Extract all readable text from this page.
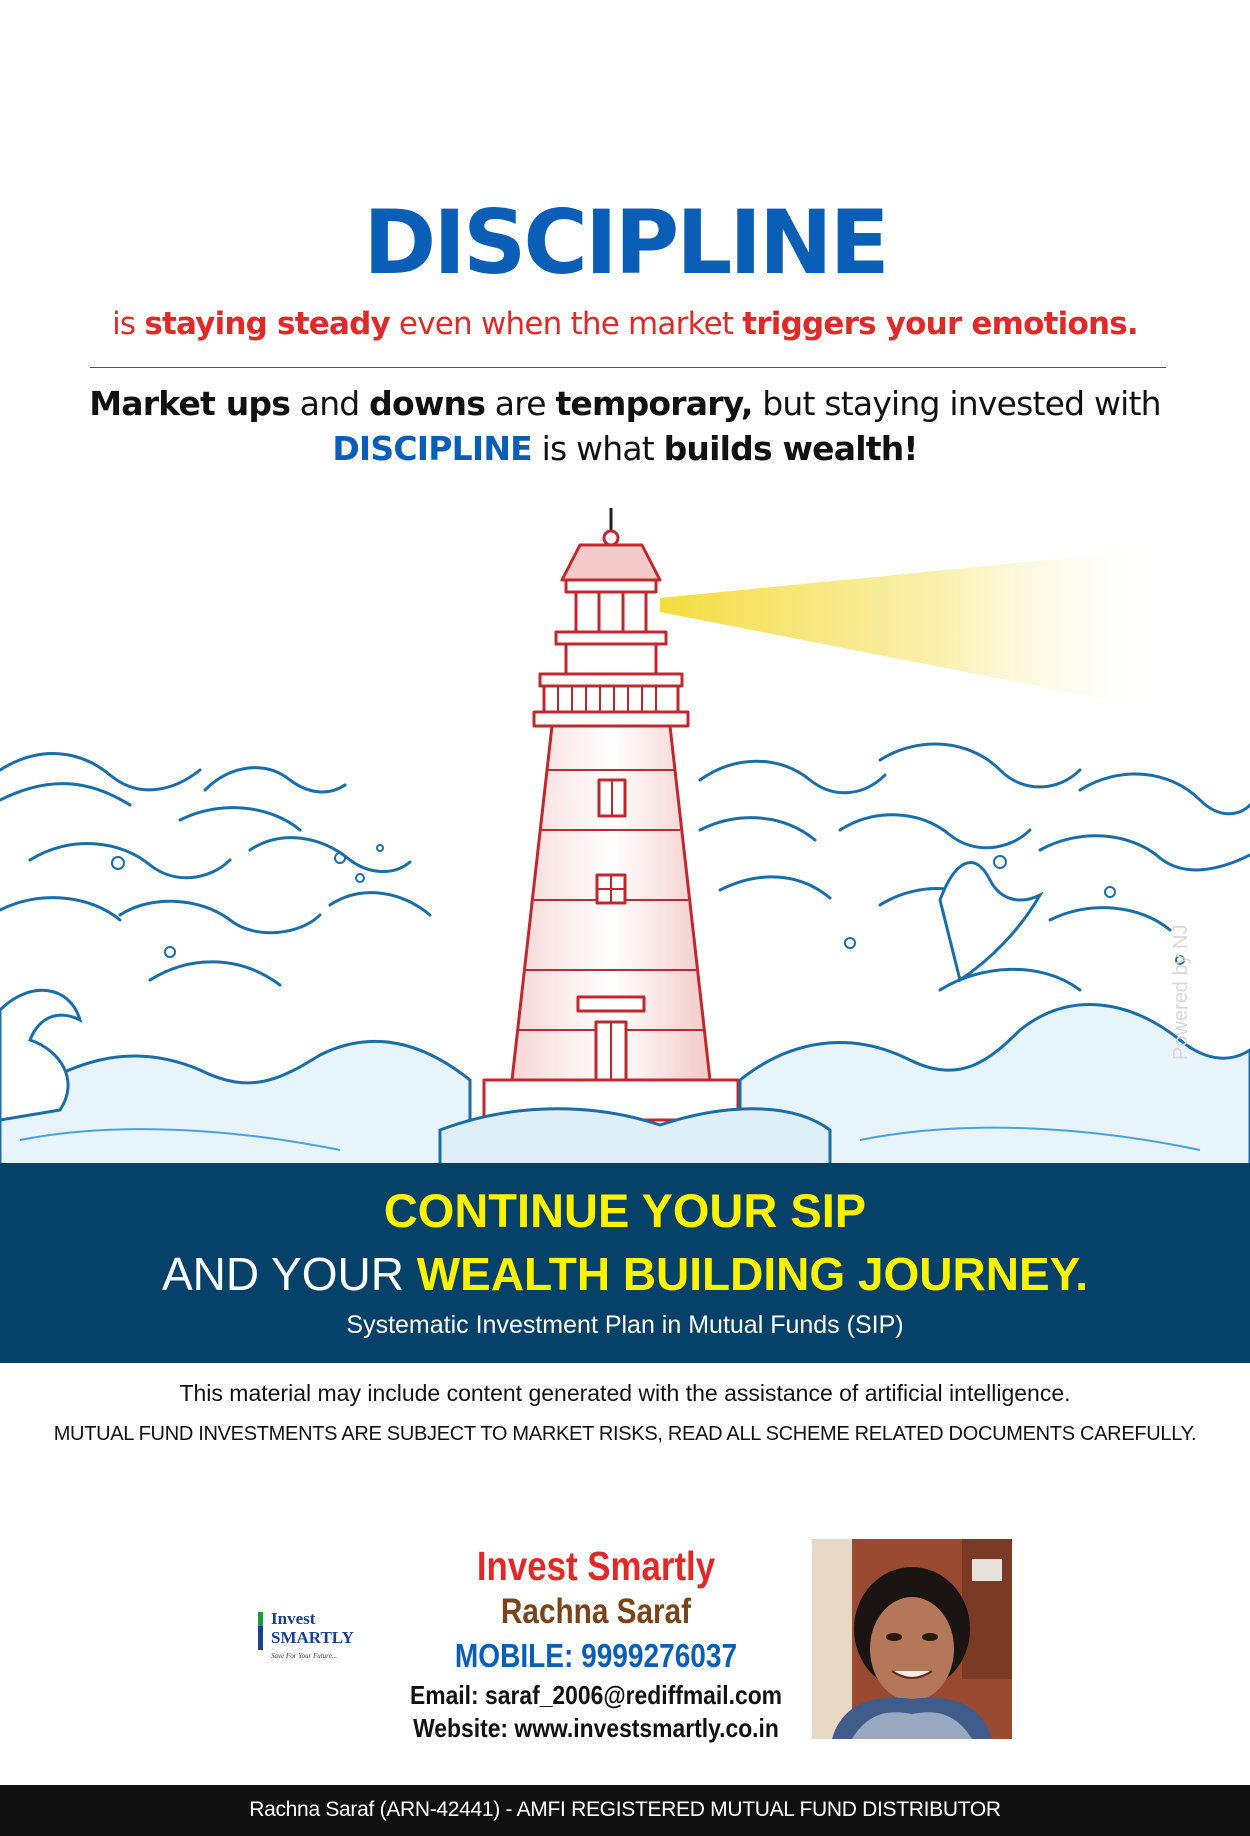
DISCIPLINE
is staying steady even when the market triggers your emotions.
Market ups and downs are temporary, but staying invested with
DISCIPLINE is what builds wealth!
Powered by NJ
CONTINUE YOUR SIP
AND YOUR WEALTH BUILDING JOURNEY.
Systematic Investment Plan in Mutual Funds (SIP)
This material may include content generated with the assistance of artificial intelligence.
MUTUAL FUND INVESTMENTS ARE SUBJECT TO MARKET RISKS, READ ALL SCHEME RELATED DOCUMENTS CAREFULLY.
Invest
SMARTLY
Save For Your Future...
Invest Smartly
Rachna Saraf
MOBILE: 9999276037
Email: saraf_2006@rediffmail.com
Website: www.investsmartly.co.in
Rachna Saraf (ARN-42441) - AMFI REGISTERED MUTUAL FUND DISTRIBUTOR
